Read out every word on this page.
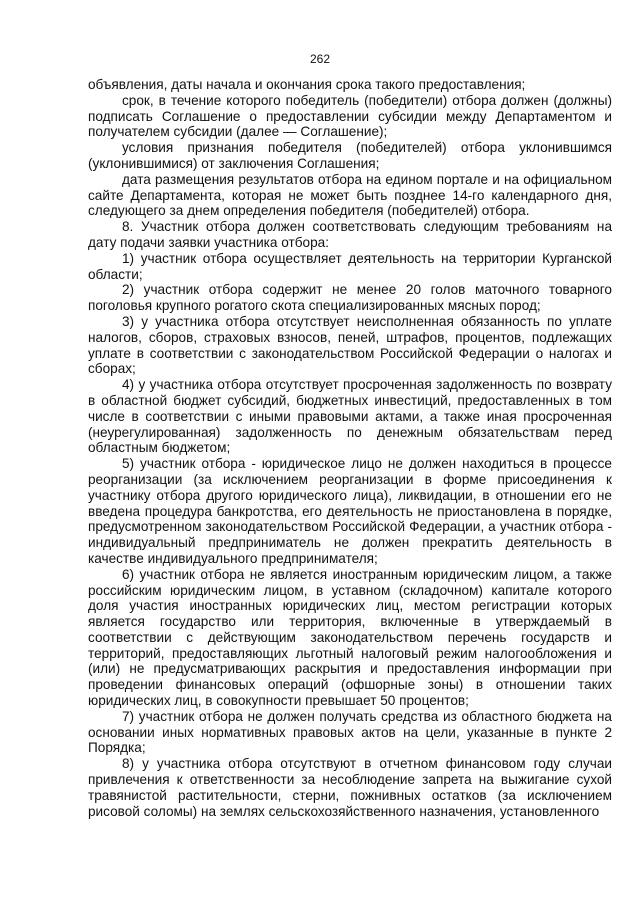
262

объявления, даты начала и окончания срока такого предоставления;

срок, в течение которого победитель (победители) отбора должен (должны) подписать Соглашение о предоставлении субсидии между Департаментом и получателем субсидии (далее — Соглашение);

условия признания победителя (победителей) отбора уклонившимся (уклонившимися) от заключения Соглашения;

дата размещения результатов отбора на едином портале и на официальном сайте Департамента, которая не может быть позднее 14-го календарного дня, следующего за днем определения победителя (победителей) отбора.

8. Участник отбора должен соответствовать следующим требованиям на дату подачи заявки участника отбора:

1) участник отбора осуществляет деятельность на территории Курганской области;

2) участник отбора содержит не менее 20 голов маточного товарного поголовья крупного рогатого скота специализированных мясных пород;

3) у участника отбора отсутствует неисполненная обязанность по уплате налогов, сборов, страховых взносов, пеней, штрафов, процентов, подлежащих уплате в соответствии с законодательством Российской Федерации о налогах и сборах;

4) у участника отбора отсутствует просроченная задолженность по возврату в областной бюджет субсидий, бюджетных инвестиций, предоставленных в том числе в соответствии с иными правовыми актами, а также иная просроченная (неурегулированная) задолженность по денежным обязательствам перед областным бюджетом;

5) участник отбора - юридическое лицо не должен находиться в процессе реорганизации (за исключением реорганизации в форме присоединения к участнику отбора другого юридического лица), ликвидации, в отношении его не введена процедура банкротства, его деятельность не приостановлена в порядке, предусмотренном законодательством Российской Федерации, а участник отбора - индивидуальный предприниматель не должен прекратить деятельность в качестве индивидуального предпринимателя;

6) участник отбора не является иностранным юридическим лицом, а также российским юридическим лицом, в уставном (складочном) капитале которого доля участия иностранных юридических лиц, местом регистрации которых является государство или территория, включенные в утверждаемый в соответствии с действующим законодательством перечень государств и территорий, предоставляющих льготный налоговый режим налогообложения и (или) не предусматривающих раскрытия и предоставления информации при проведении финансовых операций (офшорные зоны) в отношении таких юридических лиц, в совокупности превышает 50 процентов;

7) участник отбора не должен получать средства из областного бюджета на основании иных нормативных правовых актов на цели, указанные в пункте 2 Порядка;

8) у участника отбора отсутствуют в отчетном финансовом году случаи привлечения к ответственности за несоблюдение запрета на выжигание сухой травянистой растительности, стерни, пожнивных остатков (за исключением рисовой соломы) на землях сельскохозяйственного назначения, установленного
